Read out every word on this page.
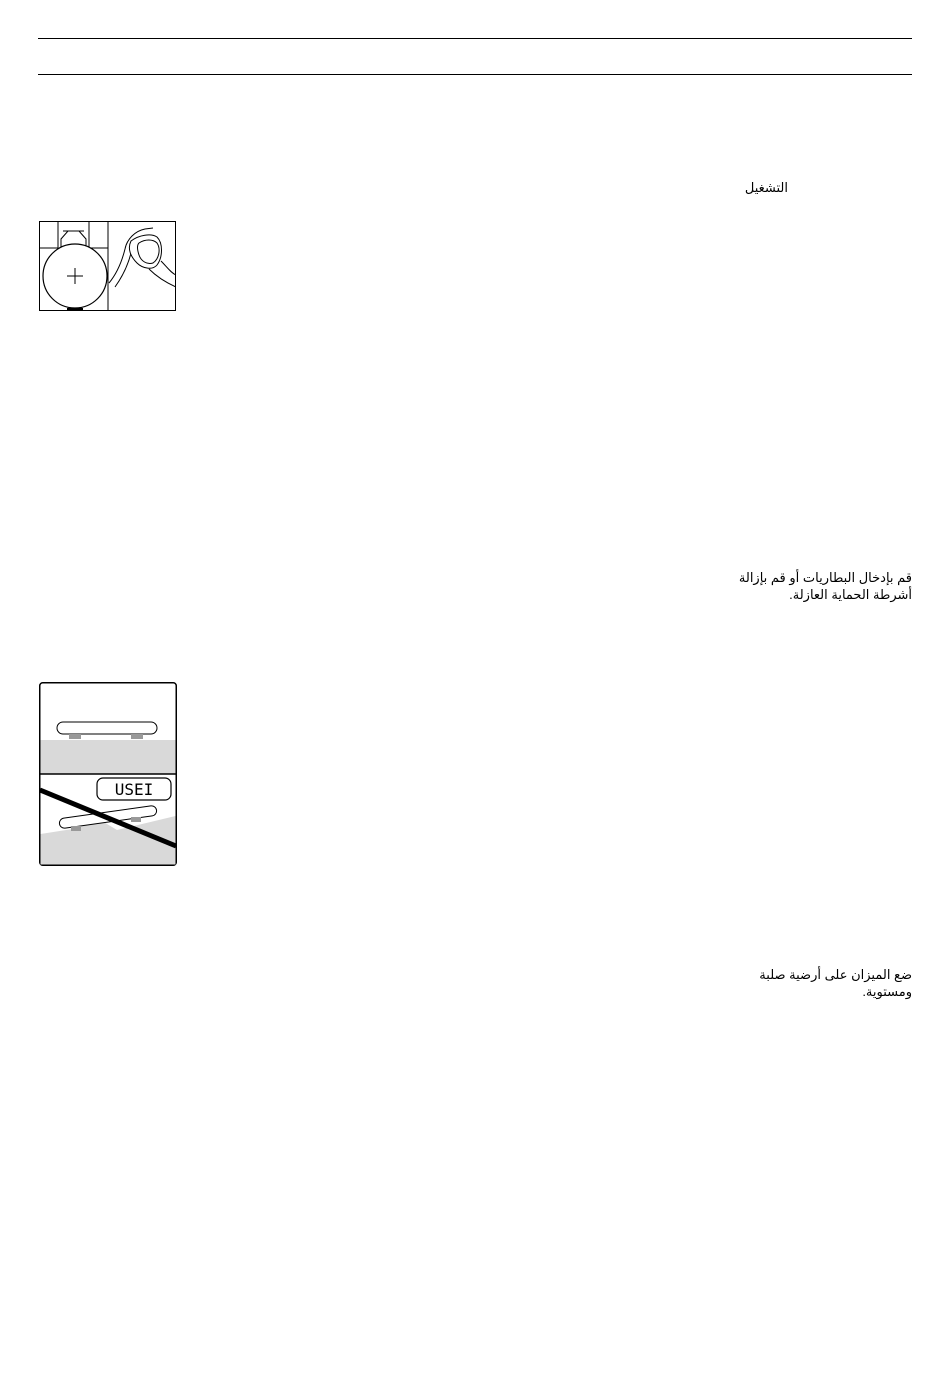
التشغيل

قم بإدخال البطاريات أو قم بإزالة

أشرطة الحماية العازلة.

USEI

ضع الميزان على أرضية صلبة

ومستوية.
